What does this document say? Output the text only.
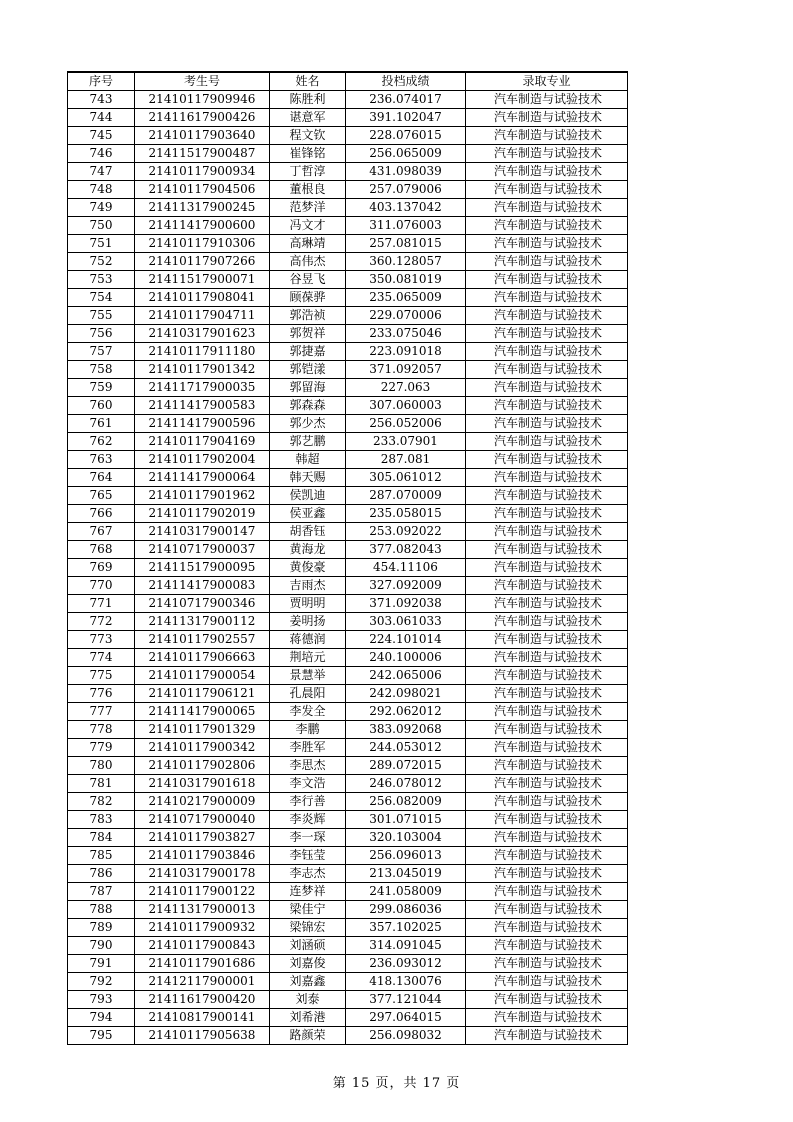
序号	考生号	姓名	投档成绩	录取专业
743	21410117909946	陈胜利	236.074017	汽车制造与试验技术
744	21411617900426	谌意军	391.102047	汽车制造与试验技术
745	21410117903640	程文钦	228.076015	汽车制造与试验技术
746	21411517900487	崔锋铭	256.065009	汽车制造与试验技术
747	21410117900934	丁哲淳	431.098039	汽车制造与试验技术
748	21410117904506	董根良	257.079006	汽车制造与试验技术
749	21411317900245	范梦洋	403.137042	汽车制造与试验技术
750	21411417900600	冯文才	311.076003	汽车制造与试验技术
751	21410117910306	高琳靖	257.081015	汽车制造与试验技术
752	21410117907266	高伟杰	360.128057	汽车制造与试验技术
753	21411517900071	谷昱飞	350.081019	汽车制造与试验技术
754	21410117908041	顾葆骅	235.065009	汽车制造与试验技术
755	21410117904711	郭浩祯	229.070006	汽车制造与试验技术
756	21410317901623	郭贺祥	233.075046	汽车制造与试验技术
757	21410117911180	郭捷嘉	223.091018	汽车制造与试验技术
758	21410117901342	郭铠漾	371.092057	汽车制造与试验技术
759	21411717900035	郭留海	227.063	汽车制造与试验技术
760	21411417900583	郭森森	307.060003	汽车制造与试验技术
761	21411417900596	郭少杰	256.052006	汽车制造与试验技术
762	21410117904169	郭艺鹏	233.07901	汽车制造与试验技术
763	21410117902004	韩超	287.081	汽车制造与试验技术
764	21411417900064	韩天赐	305.061012	汽车制造与试验技术
765	21410117901962	侯凯迪	287.070009	汽车制造与试验技术
766	21410117902019	侯亚鑫	235.058015	汽车制造与试验技术
767	21410317900147	胡香钰	253.092022	汽车制造与试验技术
768	21410717900037	黄海龙	377.082043	汽车制造与试验技术
769	21411517900095	黄俊豪	454.11106	汽车制造与试验技术
770	21411417900083	吉雨杰	327.092009	汽车制造与试验技术
771	21410717900346	贾明明	371.092038	汽车制造与试验技术
772	21411317900112	姜明扬	303.061033	汽车制造与试验技术
773	21410117902557	蒋德润	224.101014	汽车制造与试验技术
774	21410117906663	荆培元	240.100006	汽车制造与试验技术
775	21410117900054	景慧举	242.065006	汽车制造与试验技术
776	21410117906121	孔晨阳	242.098021	汽车制造与试验技术
777	21411417900065	李发全	292.062012	汽车制造与试验技术
778	21410117901329	李鹏	383.092068	汽车制造与试验技术
779	21410117900342	李胜军	244.053012	汽车制造与试验技术
780	21410117902806	李思杰	289.072015	汽车制造与试验技术
781	21410317901618	李文浩	246.078012	汽车制造与试验技术
782	21410217900009	李行善	256.082009	汽车制造与试验技术
783	21410717900040	李炎辉	301.071015	汽车制造与试验技术
784	21410117903827	李一琛	320.103004	汽车制造与试验技术
785	21410117903846	李钰莹	256.096013	汽车制造与试验技术
786	21410317900178	李志杰	213.045019	汽车制造与试验技术
787	21410117900122	连梦祥	241.058009	汽车制造与试验技术
788	21411317900013	梁佳宁	299.086036	汽车制造与试验技术
789	21410117900932	梁锦宏	357.102025	汽车制造与试验技术
790	21410117900843	刘涵硕	314.091045	汽车制造与试验技术
791	21410117901686	刘嘉俊	236.093012	汽车制造与试验技术
792	21412117900001	刘嘉鑫	418.130076	汽车制造与试验技术
793	21411617900420	刘泰	377.121044	汽车制造与试验技术
794	21410817900141	刘希港	297.064015	汽车制造与试验技术
795	21410117905638	路颜荣	256.098032	汽车制造与试验技术
第 15 页，共 17 页
